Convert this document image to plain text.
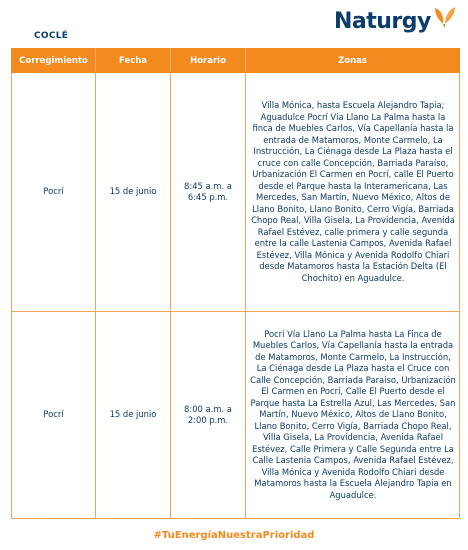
COCLÉ
Naturgy
Corregimiento	Fecha	Horario	Zonas
Pocrí	15 de junio	8:45 a.m. a 6:45 p.m.	Villa Mónica, hasta Escuela Alejandro Tapia; Aguadulce Pocrí Vía Llano La Palma hasta la finca de Muebles Carlos, Vía Capellanía hasta la entrada de Matamoros, Monte Carmelo, La Instrucción, La Ciénaga desde La Plaza hasta el cruce con calle Concepción, Barriada Paraíso, Urbanización El Carmen en Pocrí, calle El Puerto desde el Parque hasta la Interamericana, Las Mercedes, San Martín, Nuevo México, Altos de Llano Bonito, Llano Bonito, Cerro Vigía, Barriada Chopo Real, Villa Gisela, La Providencia, Avenida Rafael Estévez, calle primera y calle segunda entre la calle Lastenia Campos, Avenida Rafael Estévez, Villa Mónica y Avenida Rodolfo Chiari desde Matamoros hasta la Estación Delta (El Chochito) en Aguadulce.
Pocrí	15 de junio	8:00 a.m. a 2:00 p.m.	Pocrí Vía Llano La Palma hasta La Finca de Muebles Carlos, Vía Capellanía hasta la entrada de Matamoros, Monte Carmelo, La Instrucción, La Ciénaga desde La Plaza hasta el Cruce con Calle Concepción, Barriada Paraíso, Urbanización El Carmen en Pocrí, Calle El Puerto desde el Parque hasta La Estrella Azul, Las Mercedes, San Martín, Nuevo México, Altos de Llano Bonito, Llano Bonito, Cerro Vigía, Barriada Chopo Real, Villa Gisela, La Providencia, Avenida Rafael Estévez, Calle Primera y Calle Segunda entre La Calle Lastenia Campos, Avenida Rafael Estévez, Villa Mónica y Avenida Rodolfo Chiari desde Matamoros hasta la Escuela Alejandro Tapia en Aguadulce.
#TuEnergíaNuestraPrioridad
